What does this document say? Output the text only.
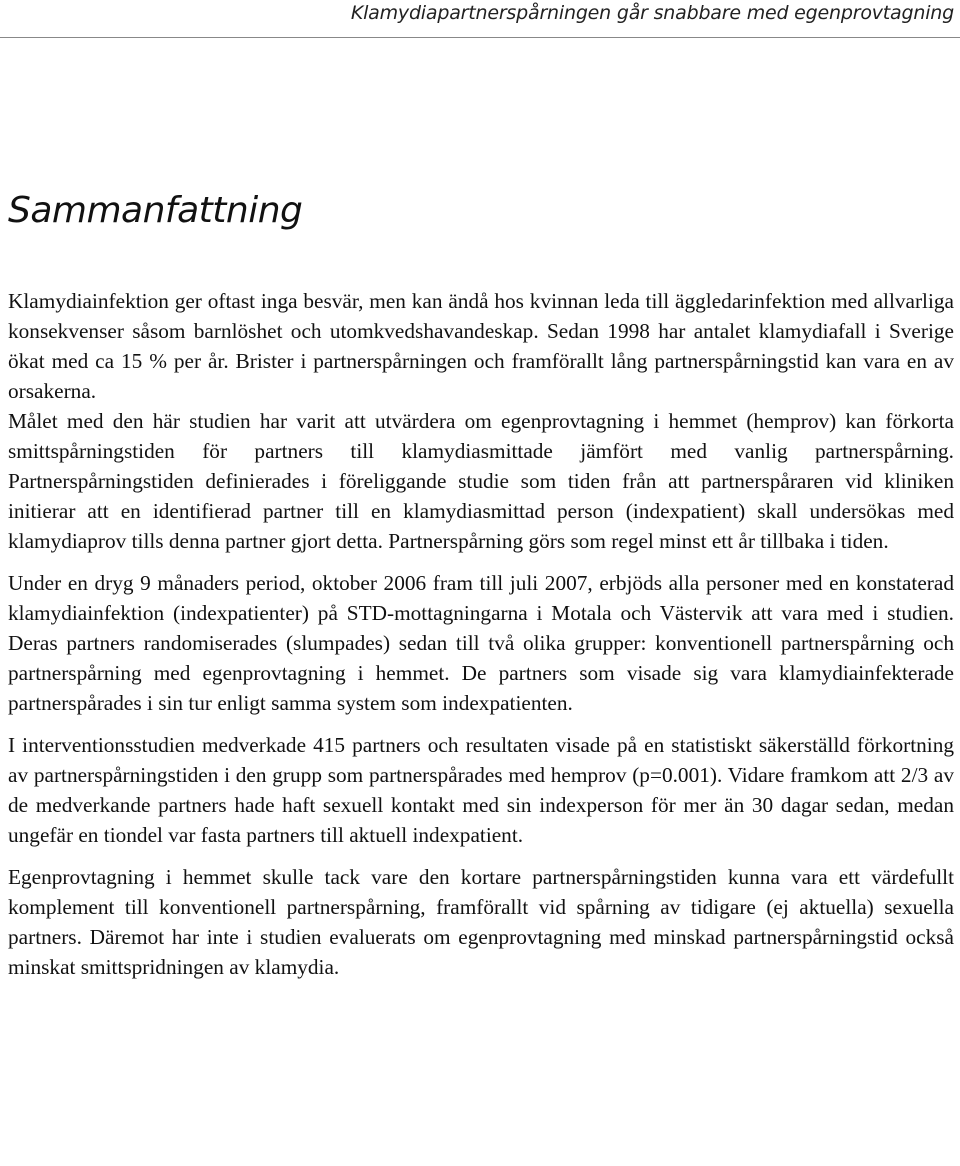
Klamydiapartnerspårningen går snabbare med egenprovtagning
Sammanfattning

Klamydiainfektion ger oftast inga besvär, men kan ändå hos kvinnan leda till äggledarinfektion med allvarliga konsekvenser såsom barnlöshet och utomkvedshavandeskap. Sedan 1998 har antalet klamydiafall i Sverige ökat med ca 15 % per år. Brister i partnerspårningen och framförallt lång partnerspårningstid kan vara en av orsakerna.

Målet med den här studien har varit att utvärdera om egenprovtagning i hemmet (hemprov) kan förkorta smittspårningstiden för partners till klamydiasmittade jämfört med vanlig partnerspårning. Partnerspårningstiden definierades i föreliggande studie som tiden från att partnerspåraren vid kliniken initierar att en identifierad partner till en klamydiasmittad person (indexpatient) skall undersökas med klamydiaprov tills denna partner gjort detta. Partnerspårning görs som regel minst ett år tillbaka i tiden.

Under en dryg 9 månaders period, oktober 2006 fram till juli 2007, erbjöds alla personer med en konstaterad klamydiainfektion (indexpatienter) på STD-mottagningarna i Motala och Västervik att vara med i studien. Deras partners randomiserades (slumpades) sedan till två olika grupper: konventionell partnerspårning och partnerspårning med egenprovtagning i hemmet. De partners som visade sig vara klamydiainfekterade partnerspårades i sin tur enligt samma system som indexpatienten.

I interventionsstudien medverkade 415 partners och resultaten visade på en statistiskt säkerställd förkortning av partnerspårningstiden i den grupp som partnerspårades med hemprov (p=0.001). Vidare framkom att 2/3 av de medverkande partners hade haft sexuell kontakt med sin indexperson för mer än 30 dagar sedan, medan ungefär en tiondel var fasta partners till aktuell indexpatient.

Egenprovtagning i hemmet skulle tack vare den kortare partnerspårningstiden kunna vara ett värdefullt komplement till konventionell partnerspårning, framförallt vid spårning av tidigare (ej aktuella) sexuella partners. Däremot har inte i studien evaluerats om egenprovtagning med minskad partnerspårningstid också minskat smittspridningen av klamydia.
